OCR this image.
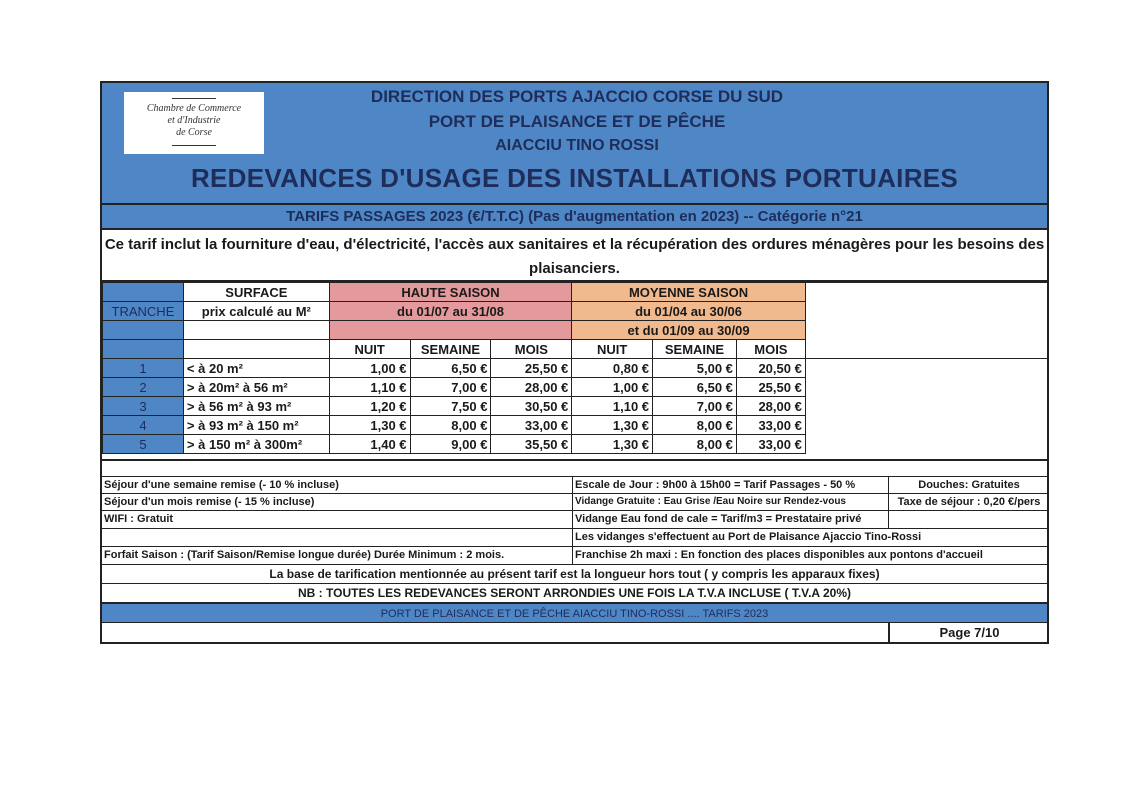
Chambre de Commerce
et d'Industrie
de Corse
DIRECTION DES PORTS AJACCIO CORSE DU SUD
PORT DE PLAISANCE ET DE PÊCHE
AIACCIU TINO ROSSI
REDEVANCES D'USAGE DES INSTALLATIONS PORTUAIRES
TARIFS PASSAGES 2023 (€/T.T.C) (Pas d'augmentation en 2023) -- Catégorie n°21
Ce tarif inclut la fourniture d'eau, d'électricité, l'accès aux sanitaires et la récupération des ordures ménagères pour les besoins des plaisanciers.
	SURFACE	HAUTE SAISON			MOYENNE SAISON			
TRANCHE	prix calculé au M²	du 01/07 au 31/08			du 01/04 au 30/06			
					et du 01/09 au 30/09			
		NUIT	SEMAINE	MOIS	NUIT	SEMAINE	MOIS	
1	< à 20 m²	1,00 €	6,50 €	25,50 €	0,80 €	5,00 €	20,50 €	
2	> à 20m² à 56 m²	1,10 €	7,00 €	28,00 €	1,00 €	6,50 €	25,50 €	
3	> à 56 m² à 93 m²	1,20 €	7,50 €	30,50 €	1,10 €	7,00 €	28,00 €	
4	> à 93 m² à 150 m²	1,30 €	8,00 €	33,00 €	1,30 €	8,00 €	33,00 €	
5	> à 150 m² à 300m²	1,40 €	9,00 €	35,50 €	1,30 €	8,00 €	33,00 €	
Séjour d'une semaine remise (- 10 % incluse)	Escale de Jour : 9h00 à 15h00 = Tarif Passages - 50 %	Douches: Gratuites
Séjour d'un mois remise (- 15 % incluse)	Vidange Gratuite : Eau Grise /Eau Noire sur Rendez-vous	Taxe de séjour : 0,20 €/pers
WIFI : Gratuit	Vidange Eau fond de cale = Tarif/m3 = Prestataire privé
Les vidanges s'effectuent au Port de Plaisance Ajaccio Tino-Rossi
Forfait Saison : (Tarif Saison/Remise longue durée) Durée Minimum : 2 mois.	Franchise 2h maxi : En fonction des places disponibles aux pontons d'accueil
La base de tarification mentionnée au présent tarif est la longueur hors tout ( y compris les apparaux fixes)
NB : TOUTES LES REDEVANCES SERONT ARRONDIES UNE FOIS LA T.V.A INCLUSE ( T.V.A 20%)
PORT DE PLAISANCE ET DE PÊCHE AIACCIU TINO-ROSSI .... TARIFS 2023
Page 7/10
